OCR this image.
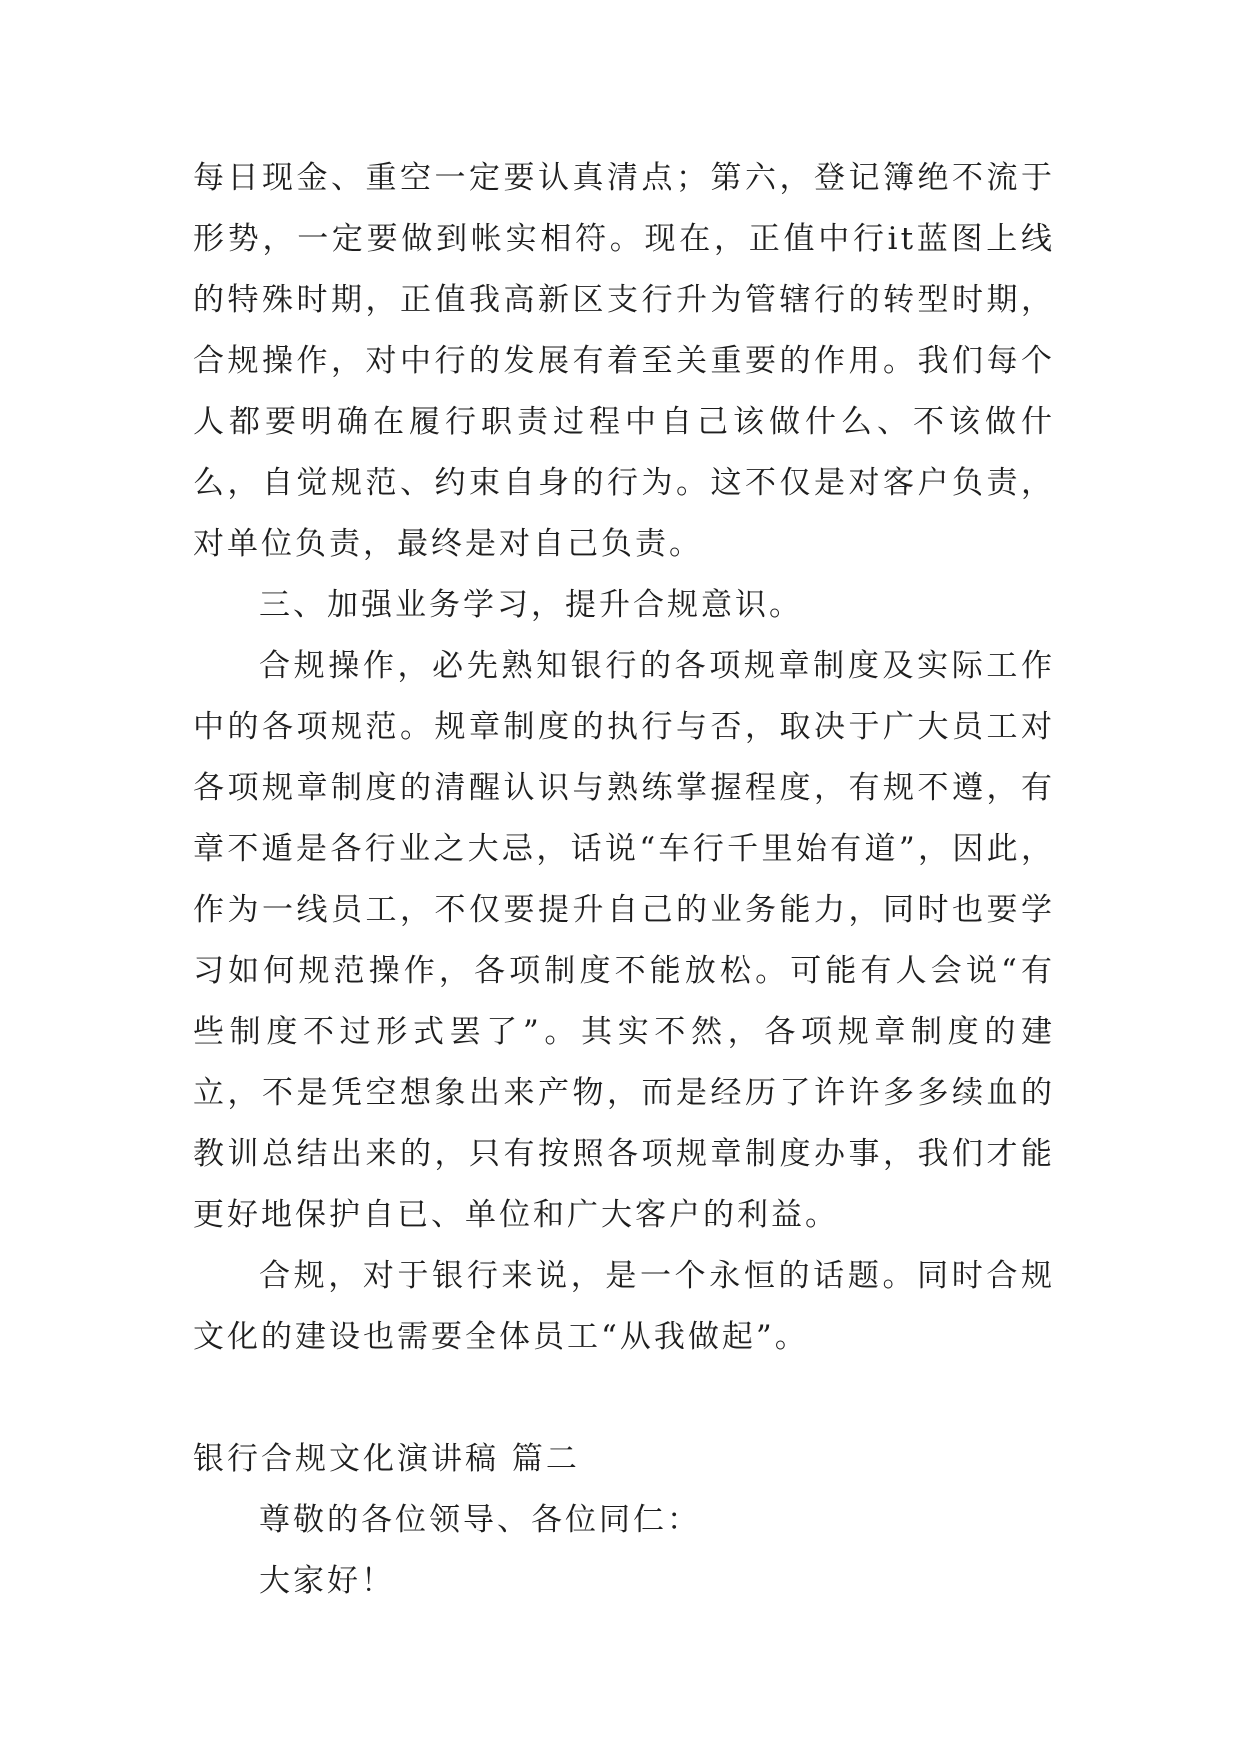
每日现金、重空一定要认真清点；第六，登记簿绝不流于形势，一定要做到帐实相符。现在，正值中行it蓝图上线的特殊时期，正值我高新区支行升为管辖行的转型时期，合规操作，对中行的发展有着至关重要的作用。我们每个人都要明确在履行职责过程中自己该做什么、不该做什么，自觉规范、约束自身的行为。这不仅是对客户负责，对单位负责，最终是对自己负责。

三、加强业务学习，提升合规意识。

合规操作，必先熟知银行的各项规章制度及实际工作中的各项规范。规章制度的执行与否，取决于广大员工对各项规章制度的清醒认识与熟练掌握程度，有规不遵，有章不遁是各行业之大忌，话说“车行千里始有道”，因此，作为一线员工，不仅要提升自己的业务能力，同时也要学习如何规范操作，各项制度不能放松。可能有人会说“有些制度不过形式罢了”。其实不然，各项规章制度的建立，不是凭空想象出来产物，而是经历了许许多多续血的教训总结出来的，只有按照各项规章制度办事，我们才能更好地保护自已、单位和广大客户的利益。

合规，对于银行来说，是一个永恒的话题。同时合规文化的建设也需要全体员工“从我做起”。

银行合规文化演讲稿 篇二

尊敬的各位领导、各位同仁：

大家好！
